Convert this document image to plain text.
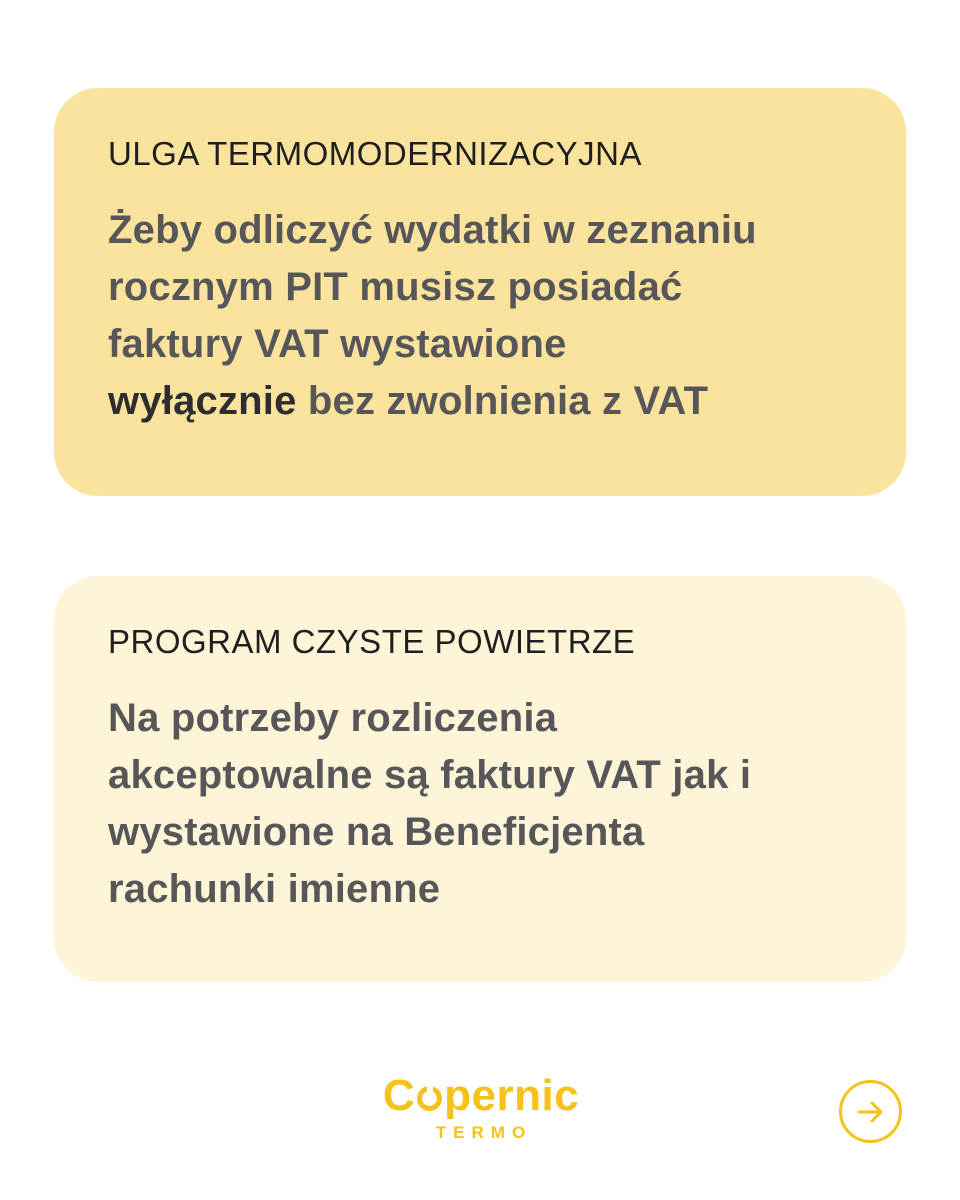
ULGA TERMOMODERNIZACYJNA

Żeby odliczyć wydatki w zeznaniu
rocznym PIT musisz posiadać
faktury VAT wystawione
wyłącznie bez zwolnienia z VAT

PROGRAM CZYSTE POWIETRZE

Na potrzeby rozliczenia
akceptowalne są faktury VAT jak i
wystawione na Beneficjenta
rachunki imienne

C pernic
TERMO
